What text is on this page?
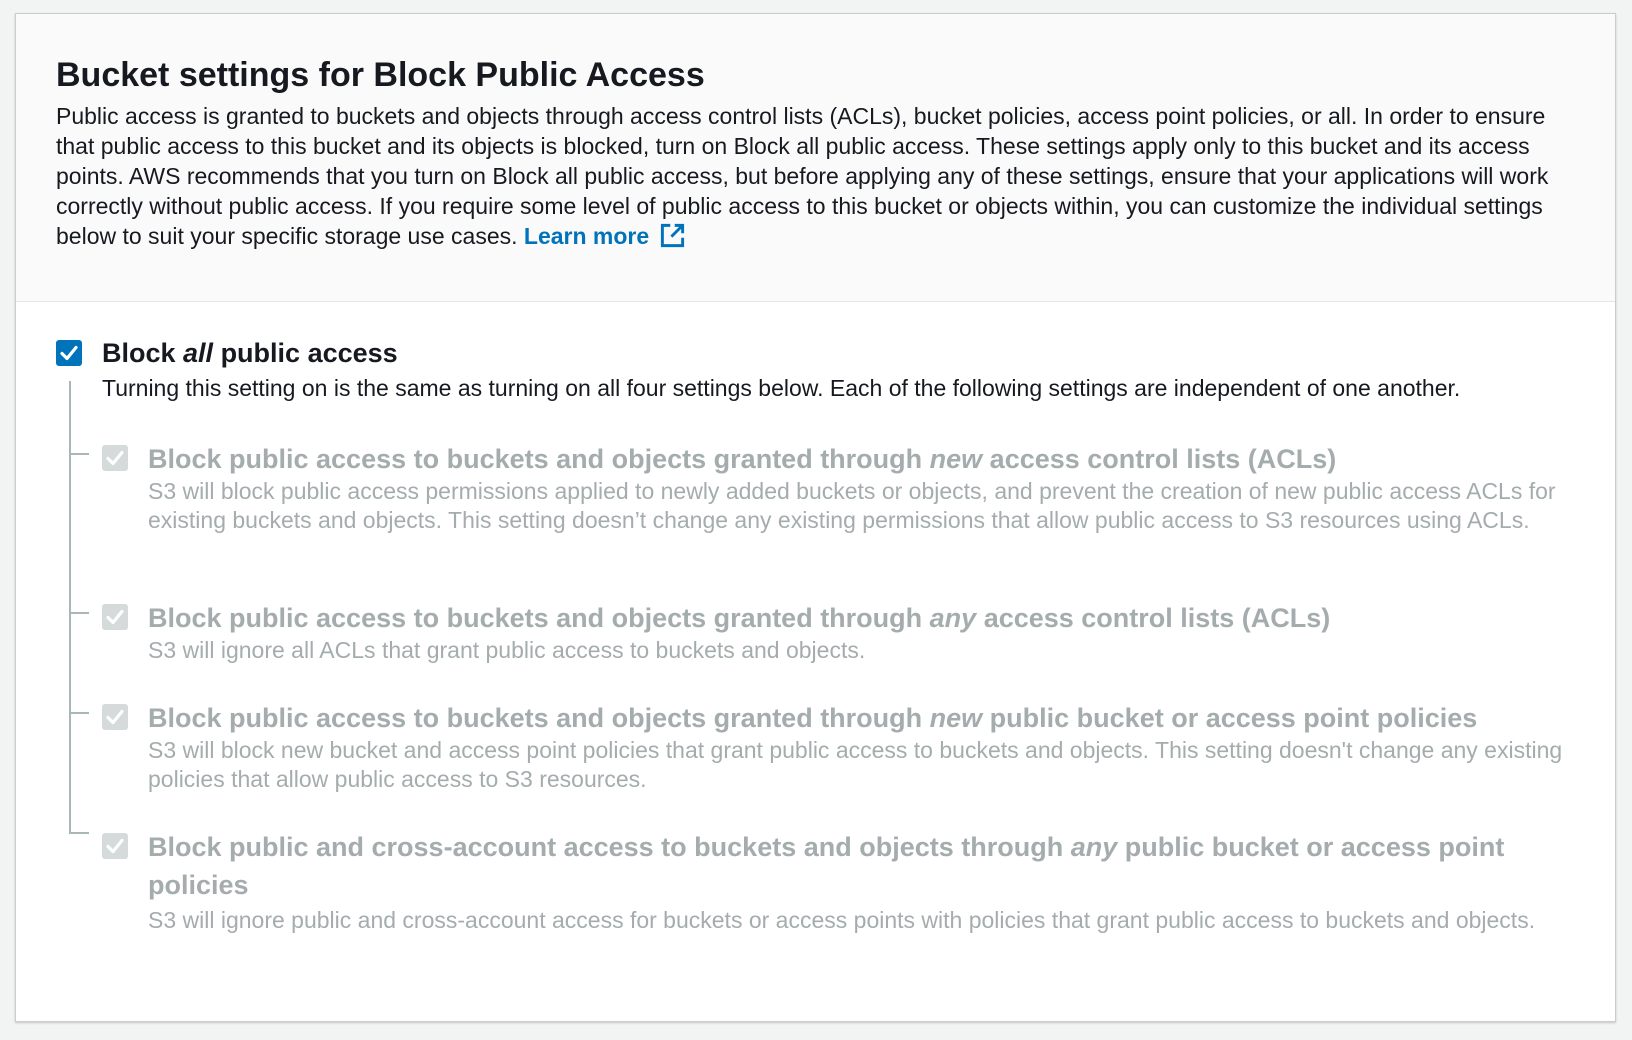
Bucket settings for Block Public Access

Public access is granted to buckets and objects through access control lists (ACLs), bucket policies, access point policies, or all. In order to ensure that public access to this bucket and its objects is blocked, turn on Block all public access. These settings apply only to this bucket and its access points. AWS recommends that you turn on Block all public access, but before applying any of these settings, ensure that your applications will work correctly without public access. If you require some level of public access to this bucket or objects within, you can customize the individual settings below to suit your specific storage use cases. Learn more

Block all public access
Turning this setting on is the same as turning on all four settings below. Each of the following settings are independent of one another.
Block public access to buckets and objects granted through new access control lists (ACLs)
S3 will block public access permissions applied to newly added buckets or objects, and prevent the creation of new public access ACLs for existing buckets and objects. This setting doesn’t change any existing permissions that allow public access to S3 resources using ACLs.
Block public access to buckets and objects granted through any access control lists (ACLs)
S3 will ignore all ACLs that grant public access to buckets and objects.
Block public access to buckets and objects granted through new public bucket or access point policies
S3 will block new bucket and access point policies that grant public access to buckets and objects. This setting doesn't change any existing policies that allow public access to S3 resources.
Block public and cross-account access to buckets and objects through any public bucket or access point policies
S3 will ignore public and cross-account access for buckets or access points with policies that grant public access to buckets and objects.
